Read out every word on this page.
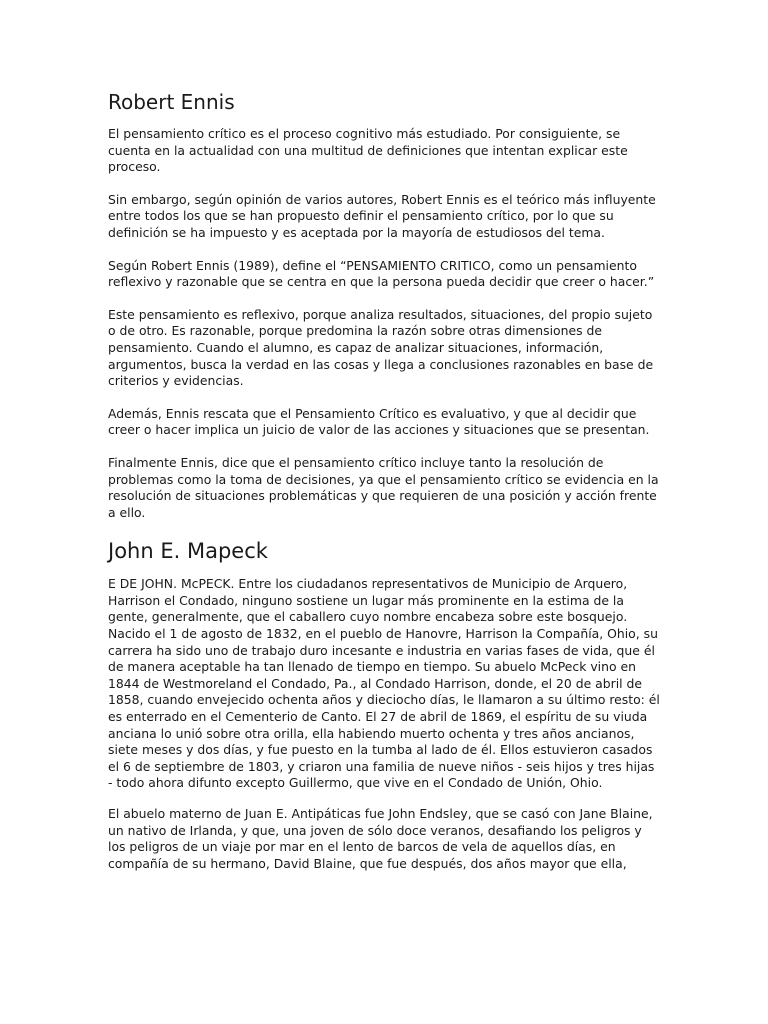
Robert Ennis

El pensamiento crítico es el proceso cognitivo más estudiado. Por consiguiente, se cuenta en la actualidad con una multitud de definiciones que intentan explicar este proceso.

Sin embargo, según opinión de varios autores, Robert Ennis es el teórico más influyente entre todos los que se han propuesto definir el pensamiento crítico, por lo que su definición se ha impuesto y es aceptada por la mayoría de estudiosos del tema.

Según Robert Ennis (1989), define el “PENSAMIENTO CRITICO, como un pensamiento reflexivo y razonable que se centra en que la persona pueda decidir que creer o hacer.”

Este pensamiento es reflexivo, porque analiza resultados, situaciones, del propio sujeto o de otro. Es razonable, porque predomina la razón sobre otras dimensiones de pensamiento. Cuando el alumno, es capaz de analizar situaciones, información, argumentos, busca la verdad en las cosas y llega a conclusiones razonables en base de criterios y evidencias.

Además, Ennis rescata que el Pensamiento Crítico es evaluativo, y que al decidir que creer o hacer implica un juicio de valor de las acciones y situaciones que se presentan.

Finalmente Ennis, dice que el pensamiento crítico incluye tanto la resolución de problemas como la toma de decisiones, ya que el pensamiento crítico se evidencia en la resolución de situaciones problemáticas y que requieren de una posición y acción frente a ello.

John E. Mapeck

E DE JOHN. McPECK. Entre los ciudadanos representativos de Municipio de Arquero, Harrison el Condado, ninguno sostiene un lugar más prominente en la estima de la gente, generalmente, que el caballero cuyo nombre encabeza sobre este bosquejo. Nacido el 1 de agosto de 1832, en el pueblo de Hanovre, Harrison la Compañía, Ohio, su carrera ha sido uno de trabajo duro incesante e industria en varias fases de vida, que él de manera aceptable ha tan llenado de tiempo en tiempo. Su abuelo McPeck vino en 1844 de Westmoreland el Condado, Pa., al Condado Harrison, donde, el 20 de abril de 1858, cuando envejecido ochenta años y dieciocho días, le llamaron a su último resto: él es enterrado en el Cementerio de Canto. El 27 de abril de 1869, el espíritu de su viuda anciana lo unió sobre otra orilla, ella habiendo muerto ochenta y tres años ancianos, siete meses y dos días, y fue puesto en la tumba al lado de él. Ellos estuvieron casados el 6 de septiembre de 1803, y criaron una familia de nueve niños - seis hijos y tres hijas - todo ahora difunto excepto Guillermo, que vive en el Condado de Unión, Ohio.

El abuelo materno de Juan E. Antipáticas fue John Endsley, que se casó con Jane Blaine, un nativo de Irlanda, y que, una joven de sólo doce veranos, desafiando los peligros y los peligros de un viaje por mar en el lento de barcos de vela de aquellos días, en compañía de su hermano, David Blaine, que fue después, dos años mayor que ella,
